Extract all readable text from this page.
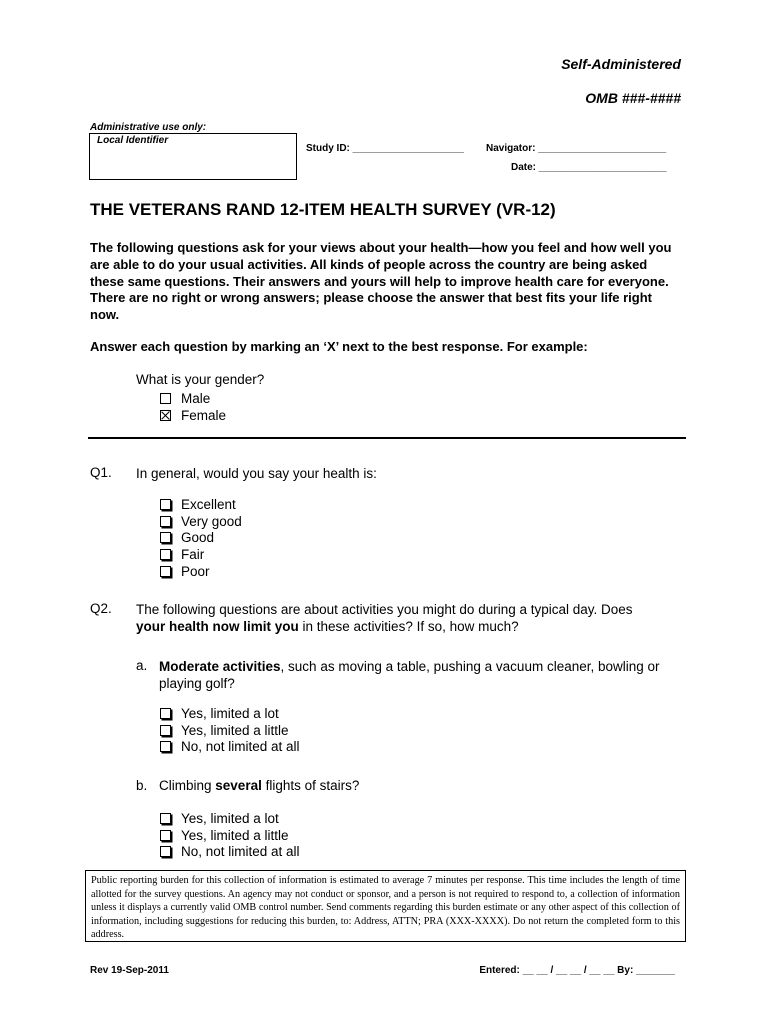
Self-Administered
OMB ###-####
Administrative use only:
Local Identifier
Study ID: ____________________ Navigator: _______________________
Date: _______________________
THE VETERANS RAND 12-ITEM HEALTH SURVEY (VR-12)
The following questions ask for your views about your health—how you feel and how well you are able to do your usual activities. All kinds of people across the country are being asked these same questions. Their answers and yours will help to improve health care for everyone. There are no right or wrong answers; please choose the answer that best fits your life right now.
Answer each question by marking an ‘X’ next to the best response. For example:
What is your gender?
Male
Female
Q1. In general, would you say your health is:
Excellent
Very good
Good
Fair
Poor
Q2. The following questions are about activities you might do during a typical day. Does
your health now limit you in these activities? If so, how much?
a. Moderate activities, such as moving a table, pushing a vacuum cleaner, bowling or
playing golf?
Yes, limited a lot
Yes, limited a little
No, not limited at all
b. Climbing several flights of stairs?
Yes, limited a lot
Yes, limited a little
No, not limited at all
Public reporting burden for this collection of information is estimated to average 7 minutes per response. This time includes the length of time allotted for the survey questions. An agency may not conduct or sponsor, and a person is not required to respond to, a collection of information unless it displays a currently valid OMB control number. Send comments regarding this burden estimate or any other aspect of this collection of information, including suggestions for reducing this burden, to: Address, ATTN; PRA (XXX-XXXX). Do not return the completed form to this address.
Rev 19-Sep-2011	Entered: __ __ / __ __ / __ __ By: _______
